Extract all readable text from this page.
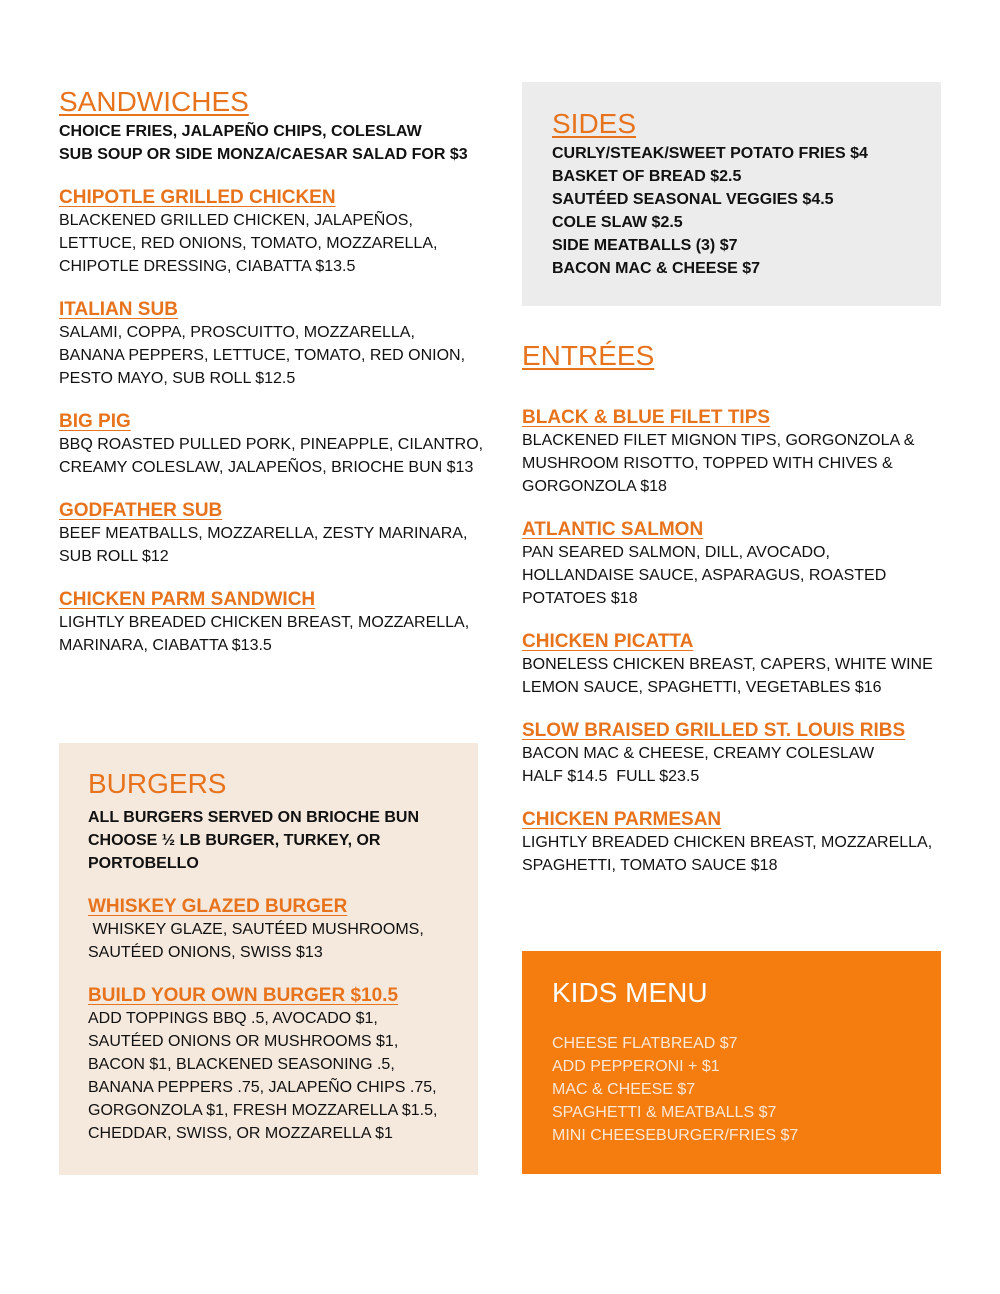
SANDWICHES

CHOICE FRIES, JALAPEÑO CHIPS, COLESLAW

SUB SOUP OR SIDE MONZA/CAESAR SALAD FOR $3

CHIPOTLE GRILLED CHICKEN

BLACKENED GRILLED CHICKEN, JALAPEÑOS,

LETTUCE, RED ONIONS, TOMATO, MOZZARELLA,

CHIPOTLE DRESSING, CIABATTA $13.5

ITALIAN SUB

SALAMI, COPPA, PROSCUITTO, MOZZARELLA,

BANANA PEPPERS, LETTUCE, TOMATO, RED ONION,

PESTO MAYO, SUB ROLL $12.5

BIG PIG

BBQ ROASTED PULLED PORK, PINEAPPLE, CILANTRO,

CREAMY COLESLAW, JALAPEÑOS, BRIOCHE BUN $13

GODFATHER SUB

BEEF MEATBALLS, MOZZARELLA, ZESTY MARINARA,

SUB ROLL $12

CHICKEN PARM SANDWICH

LIGHTLY BREADED CHICKEN BREAST, MOZZARELLA,

MARINARA, CIABATTA $13.5

SIDES

CURLY/STEAK/SWEET POTATO FRIES $4

BASKET OF BREAD $2.5

SAUTÉED SEASONAL VEGGIES $4.5

COLE SLAW $2.5

SIDE MEATBALLS (3) $7

BACON MAC & CHEESE $7

ENTRÉES
BLACK & BLUE FILET TIPS

BLACKENED FILET MIGNON TIPS, GORGONZOLA &

MUSHROOM RISOTTO, TOPPED WITH CHIVES &

GORGONZOLA $18

ATLANTIC SALMON

PAN SEARED SALMON, DILL, AVOCADO,

HOLLANDAISE SAUCE, ASPARAGUS, ROASTED

POTATOES $18

CHICKEN PICATTA

BONELESS CHICKEN BREAST, CAPERS, WHITE WINE

LEMON SAUCE, SPAGHETTI, VEGETABLES $16

SLOW BRAISED GRILLED ST. LOUIS RIBS

BACON MAC & CHEESE, CREAMY COLESLAW

HALF $14.5  FULL $23.5

CHICKEN PARMESAN

LIGHTLY BREADED CHICKEN BREAST, MOZZARELLA,

SPAGHETTI, TOMATO SAUCE $18

BURGERS

ALL BURGERS SERVED ON BRIOCHE BUN

CHOOSE ½ LB BURGER, TURKEY, OR

PORTOBELLO

WHISKEY GLAZED BURGER

WHISKEY GLAZE, SAUTÉED MUSHROOMS,

SAUTÉED ONIONS, SWISS $13

BUILD YOUR OWN BURGER $10.5

ADD TOPPINGS BBQ .5, AVOCADO $1,

SAUTÉED ONIONS OR MUSHROOMS $1,

BACON $1, BLACKENED SEASONING .5,

BANANA PEPPERS .75, JALAPEÑO CHIPS .75,

GORGONZOLA $1, FRESH MOZZARELLA $1.5,

CHEDDAR, SWISS, OR MOZZARELLA $1

KIDS MENU

CHEESE FLATBREAD $7

ADD PEPPERONI + $1

MAC & CHEESE $7

SPAGHETTI & MEATBALLS $7

MINI CHEESEBURGER/FRIES $7
